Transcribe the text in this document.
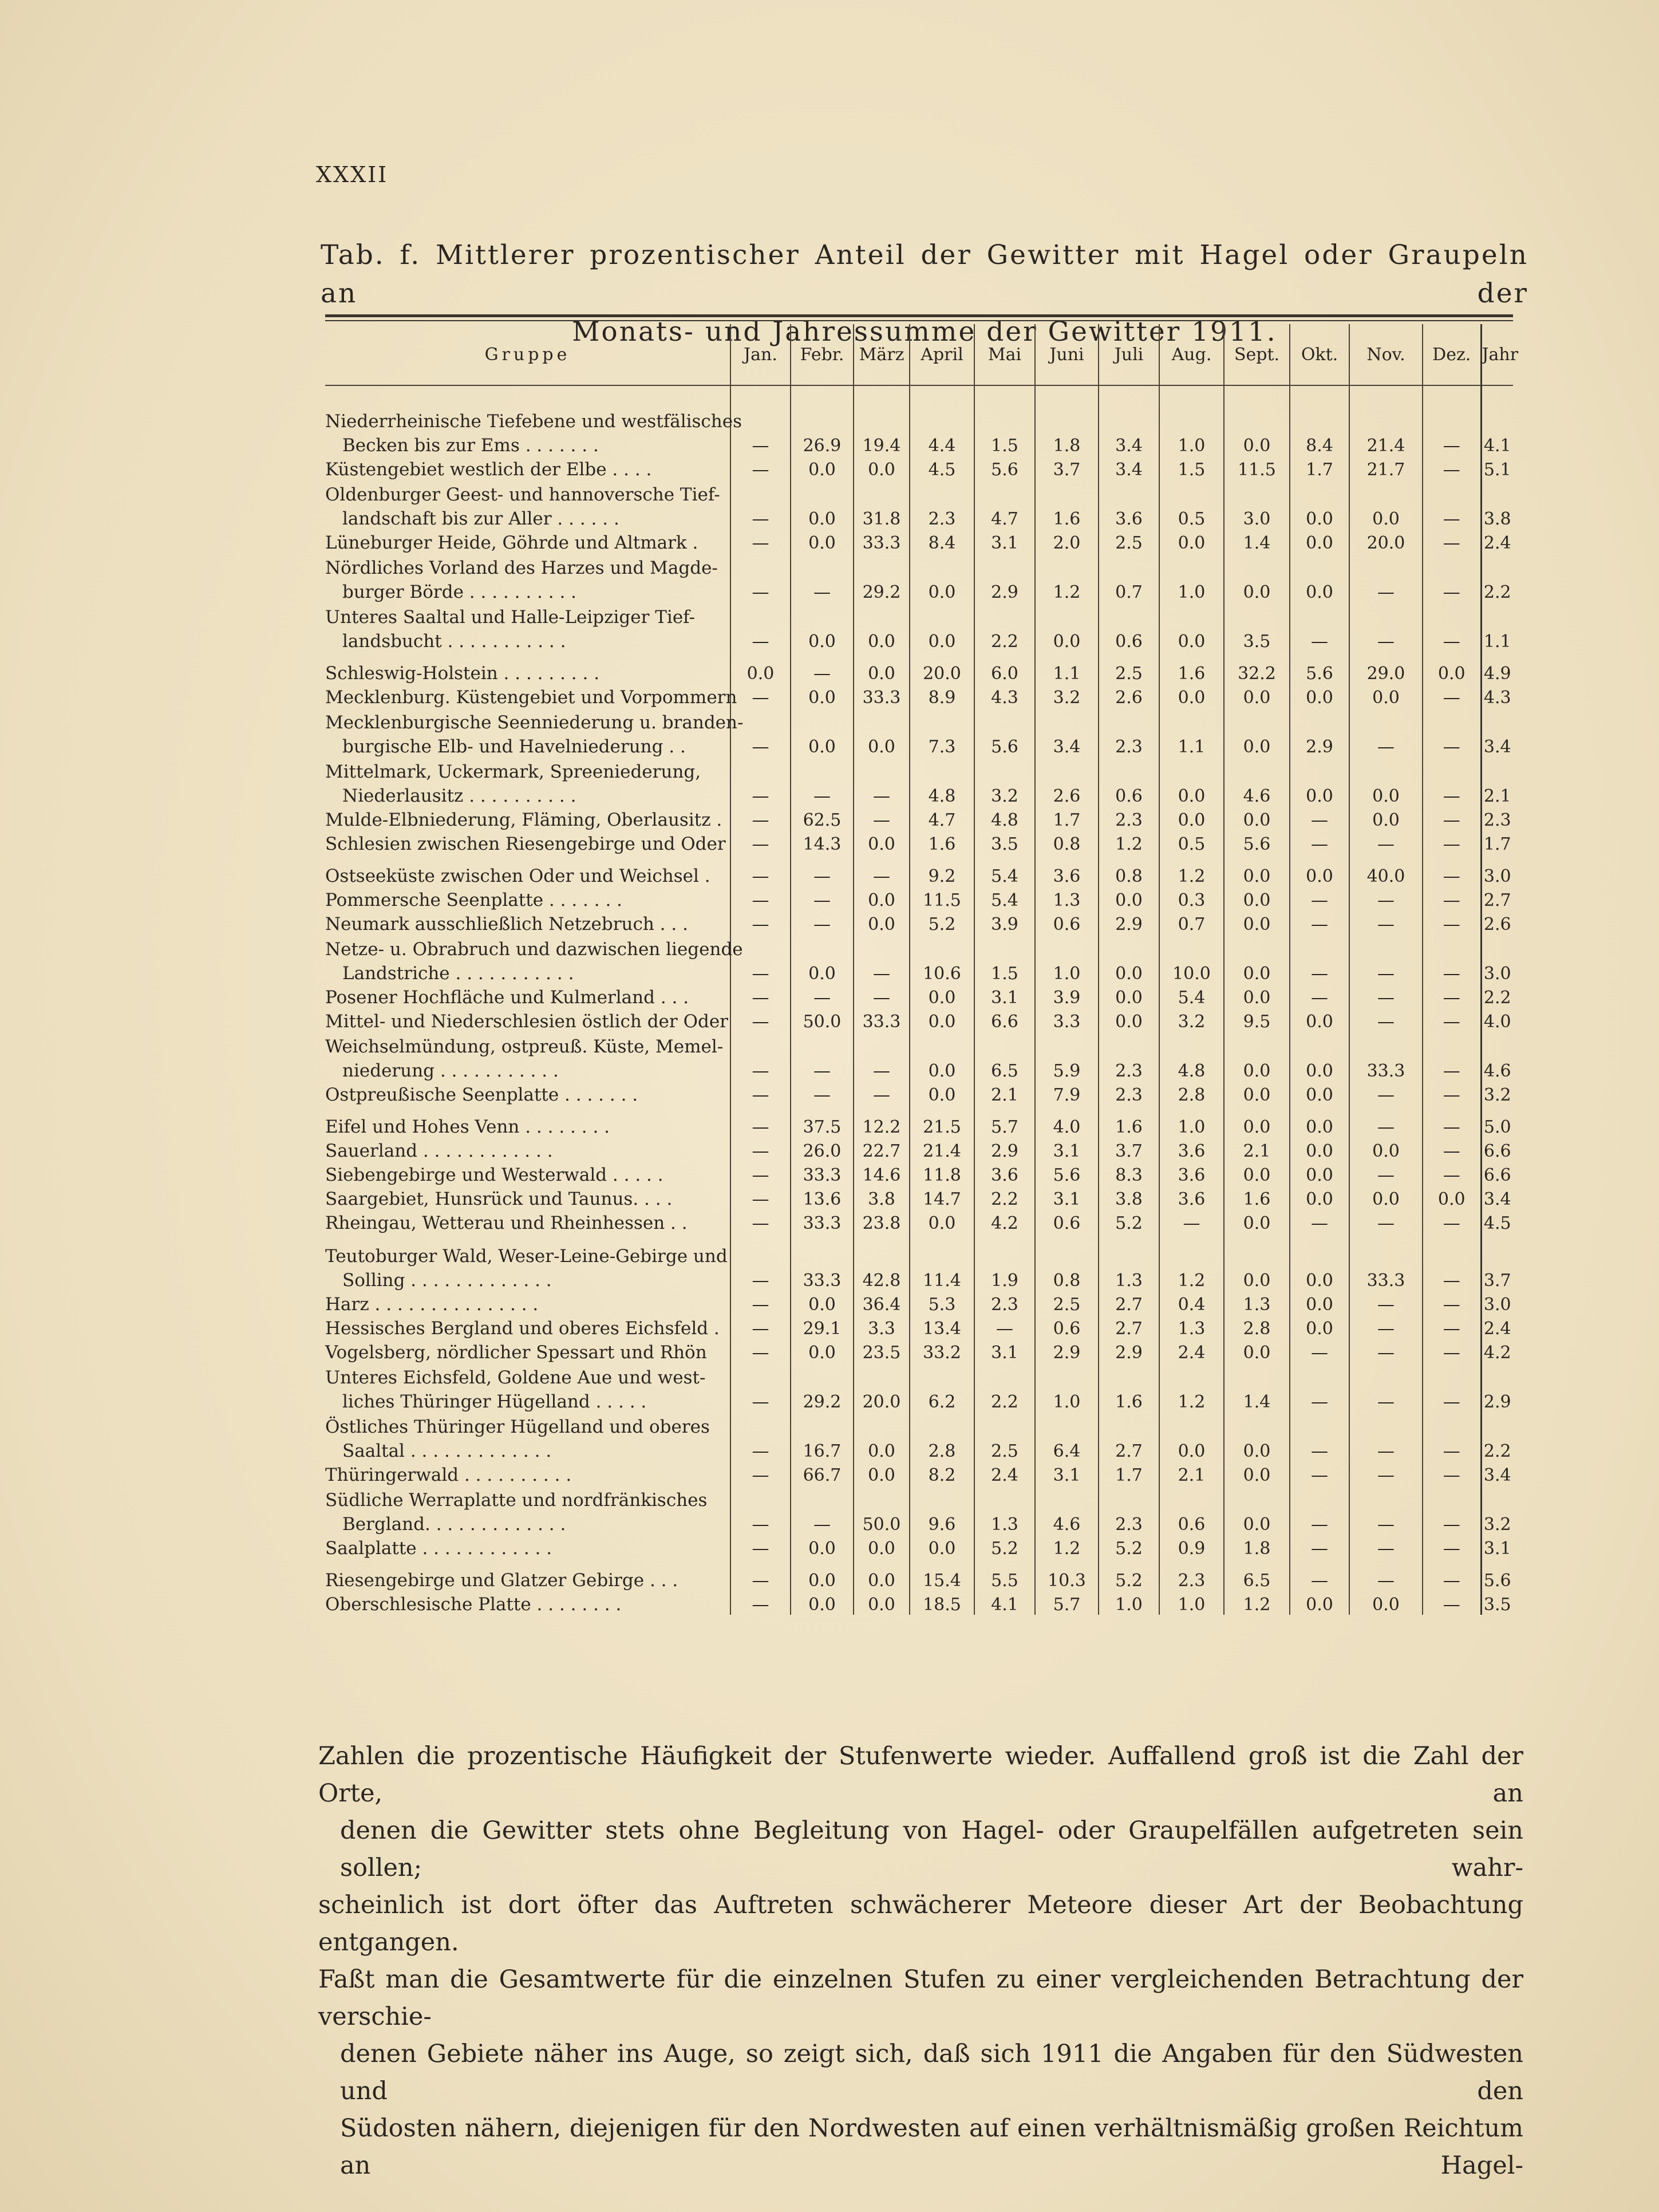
XXXII
Tab. f. Mittlerer prozentischer Anteil der Gewitter mit Hagel oder Graupeln an der
Monats- und Jahressumme der Gewitter 1911.
Gruppe	Jan.	Febr.	März	April	Mai	Juni	Juli	Aug.	Sept.	Okt.	Nov.	Dez.	Jahr

Niederrheinische Tiefebene und westfälisches													
Becken bis zur Ems . . . . . . .	—	26.9	19.4	4.4	1.5	1.8	3.4	1.0	0.0	8.4	21.4	—	4.1
Küstengebiet westlich der Elbe . . . .	—	0.0	0.0	4.5	5.6	3.7	3.4	1.5	11.5	1.7	21.7	—	5.1
Oldenburger Geest- und hannoversche Tief-													
landschaft bis zur Aller . . . . . .	—	0.0	31.8	2.3	4.7	1.6	3.6	0.5	3.0	0.0	0.0	—	3.8
Lüneburger Heide, Göhrde und Altmark .	—	0.0	33.3	8.4	3.1	2.0	2.5	0.0	1.4	0.0	20.0	—	2.4
Nördliches Vorland des Harzes und Magde-													
burger Börde . . . . . . . . . .	—	—	29.2	0.0	2.9	1.2	0.7	1.0	0.0	0.0	—	—	2.2
Unteres Saaltal und Halle-Leipziger Tief-													
landsbucht . . . . . . . . . . .	—	0.0	0.0	0.0	2.2	0.0	0.6	0.0	3.5	—	—	—	1.1

Schleswig-Holstein . . . . . . . . .	0.0	—	0.0	20.0	6.0	1.1	2.5	1.6	32.2	5.6	29.0	0.0	4.9
Mecklenburg. Küstengebiet und Vorpommern	—	0.0	33.3	8.9	4.3	3.2	2.6	0.0	0.0	0.0	0.0	—	4.3
Mecklenburgische Seenniederung u. branden-													
burgische Elb- und Havelniederung . .	—	0.0	0.0	7.3	5.6	3.4	2.3	1.1	0.0	2.9	—	—	3.4
Mittelmark, Uckermark, Spreeniederung,													
Niederlausitz . . . . . . . . . .	—	—	—	4.8	3.2	2.6	0.6	0.0	4.6	0.0	0.0	—	2.1
Mulde-Elbniederung, Fläming, Oberlausitz .	—	62.5	—	4.7	4.8	1.7	2.3	0.0	0.0	—	0.0	—	2.3
Schlesien zwischen Riesengebirge und Oder	—	14.3	0.0	1.6	3.5	0.8	1.2	0.5	5.6	—	—	—	1.7

Ostseeküste zwischen Oder und Weichsel .	—	—	—	9.2	5.4	3.6	0.8	1.2	0.0	0.0	40.0	—	3.0
Pommersche Seenplatte . . . . . . .	—	—	0.0	11.5	5.4	1.3	0.0	0.3	0.0	—	—	—	2.7
Neumark ausschließlich Netzebruch . . .	—	—	0.0	5.2	3.9	0.6	2.9	0.7	0.0	—	—	—	2.6
Netze- u. Obrabruch und dazwischen liegende													
Landstriche . . . . . . . . . . .	—	0.0	—	10.6	1.5	1.0	0.0	10.0	0.0	—	—	—	3.0
Posener Hochfläche und Kulmerland . . .	—	—	—	0.0	3.1	3.9	0.0	5.4	0.0	—	—	—	2.2
Mittel- und Niederschlesien östlich der Oder	—	50.0	33.3	0.0	6.6	3.3	0.0	3.2	9.5	0.0	—	—	4.0
Weichselmündung, ostpreuß. Küste, Memel-													
niederung . . . . . . . . . . .	—	—	—	0.0	6.5	5.9	2.3	4.8	0.0	0.0	33.3	—	4.6
Ostpreußische Seenplatte . . . . . . .	—	—	—	0.0	2.1	7.9	2.3	2.8	0.0	0.0	—	—	3.2

Eifel und Hohes Venn . . . . . . . .	—	37.5	12.2	21.5	5.7	4.0	1.6	1.0	0.0	0.0	—	—	5.0
Sauerland . . . . . . . . . . . .	—	26.0	22.7	21.4	2.9	3.1	3.7	3.6	2.1	0.0	0.0	—	6.6
Siebengebirge und Westerwald . . . . .	—	33.3	14.6	11.8	3.6	5.6	8.3	3.6	0.0	0.0	—	—	6.6
Saargebiet, Hunsrück und Taunus. . . .	—	13.6	3.8	14.7	2.2	3.1	3.8	3.6	1.6	0.0	0.0	0.0	3.4
Rheingau, Wetterau und Rheinhessen . .	—	33.3	23.8	0.0	4.2	0.6	5.2	—	0.0	—	—	—	4.5

Teutoburger Wald, Weser-Leine-Gebirge und													
Solling . . . . . . . . . . . . .	—	33.3	42.8	11.4	1.9	0.8	1.3	1.2	0.0	0.0	33.3	—	3.7
Harz . . . . . . . . . . . . . . .	—	0.0	36.4	5.3	2.3	2.5	2.7	0.4	1.3	0.0	—	—	3.0
Hessisches Bergland und oberes Eichsfeld .	—	29.1	3.3	13.4	—	0.6	2.7	1.3	2.8	0.0	—	—	2.4
Vogelsberg, nördlicher Spessart und Rhön	—	0.0	23.5	33.2	3.1	2.9	2.9	2.4	0.0	—	—	—	4.2
Unteres Eichsfeld, Goldene Aue und west-													
liches Thüringer Hügelland . . . . .	—	29.2	20.0	6.2	2.2	1.0	1.6	1.2	1.4	—	—	—	2.9
Östliches Thüringer Hügelland und oberes													
Saaltal . . . . . . . . . . . . .	—	16.7	0.0	2.8	2.5	6.4	2.7	0.0	0.0	—	—	—	2.2
Thüringerwald . . . . . . . . . .	—	66.7	0.0	8.2	2.4	3.1	1.7	2.1	0.0	—	—	—	3.4
Südliche Werraplatte und nordfränkisches													
Bergland. . . . . . . . . . . . .	—	—	50.0	9.6	1.3	4.6	2.3	0.6	0.0	—	—	—	3.2
Saalplatte . . . . . . . . . . . .	—	0.0	0.0	0.0	5.2	1.2	5.2	0.9	1.8	—	—	—	3.1

Riesengebirge und Glatzer Gebirge . . .	—	0.0	0.0	15.4	5.5	10.3	5.2	2.3	6.5	—	—	—	5.6
Oberschlesische Platte . . . . . . . .	—	0.0	0.0	18.5	4.1	5.7	1.0	1.0	1.2	0.0	0.0	—	3.5

Zahlen die prozentische Häufigkeit der Stufenwerte wieder. Auffallend groß ist die Zahl der Orte, an

denen die Gewitter stets ohne Begleitung von Hagel- oder Graupelfällen aufgetreten sein sollen; wahr-

scheinlich ist dort öfter das Auftreten schwächerer Meteore dieser Art der Beobachtung entgangen.

Faßt man die Gesamtwerte für die einzelnen Stufen zu einer vergleichenden Betrachtung der verschie-

denen Gebiete näher ins Auge, so zeigt sich, daß sich 1911 die Angaben für den Südwesten und den

Südosten nähern, diejenigen für den Nordwesten auf einen verhältnismäßig großen Reichtum an Hagel-
